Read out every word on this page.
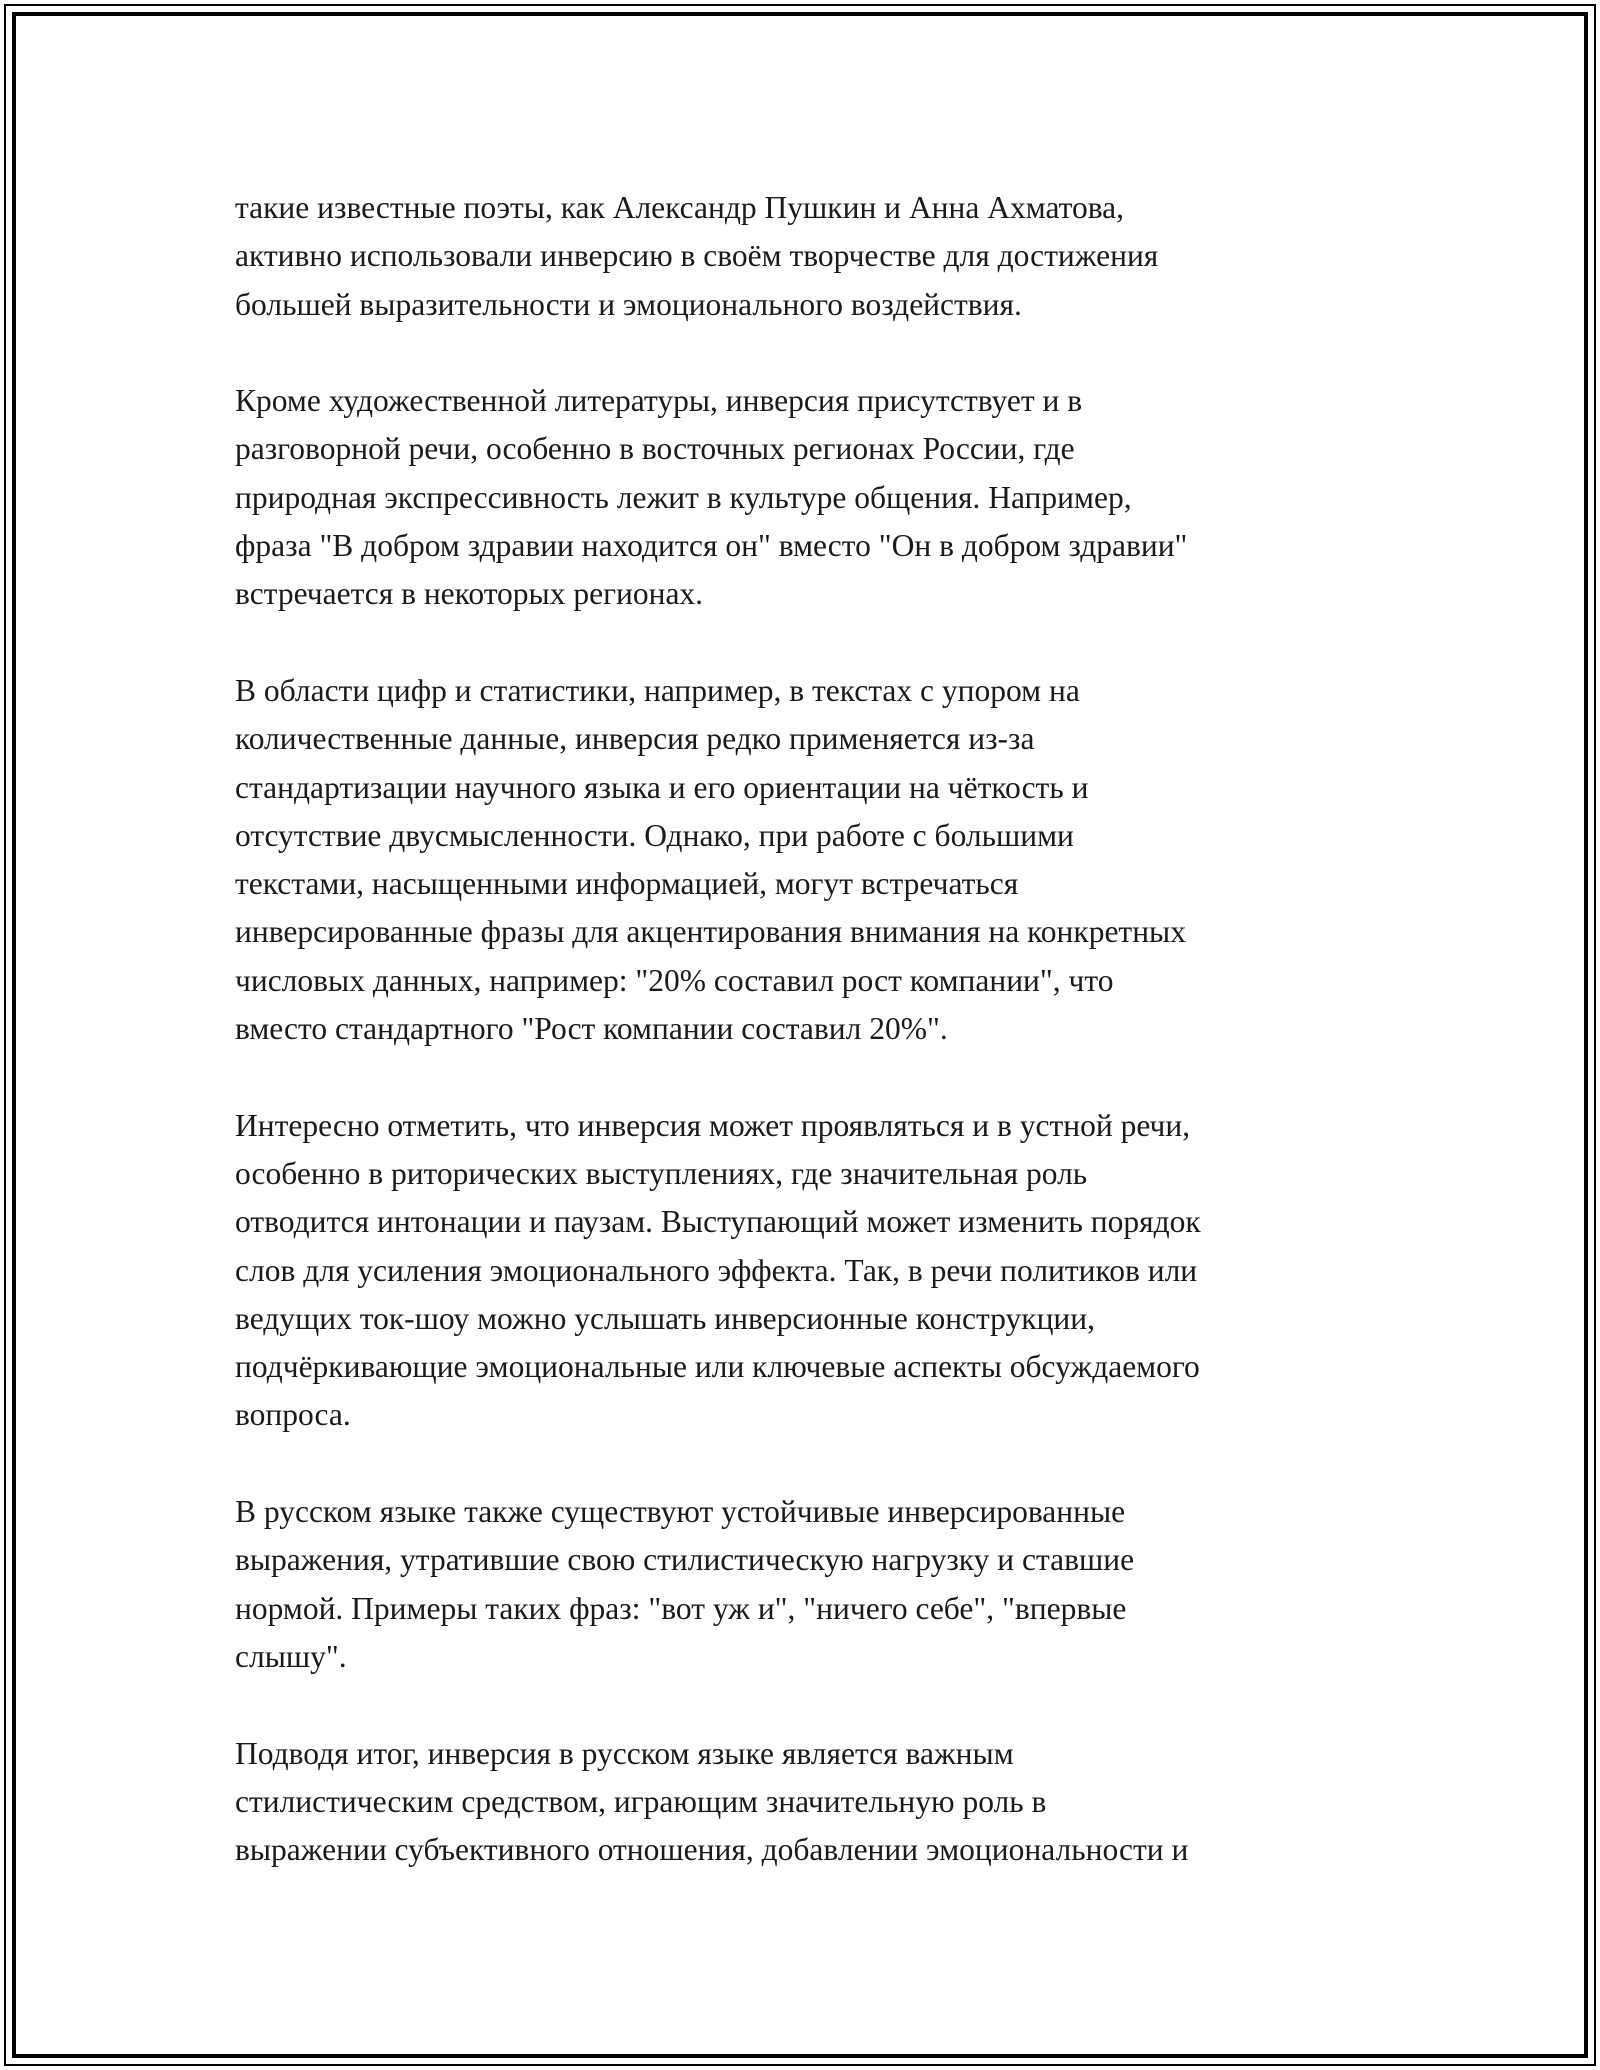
такие известные поэты, как Александр Пушкин и Анна Ахматова,
активно использовали инверсию в своём творчестве для достижения
большей выразительности и эмоционального воздействия.

Кроме художественной литературы, инверсия присутствует и в
разговорной речи, особенно в восточных регионах России, где
природная экспрессивность лежит в культуре общения. Например,
фраза "В добром здравии находится он" вместо "Он в добром здравии"
встречается в некоторых регионах.

В области цифр и статистики, например, в текстах с упором на
количественные данные, инверсия редко применяется из-за
стандартизации научного языка и его ориентации на чёткость и
отсутствие двусмысленности. Однако, при работе с большими
текстами, насыщенными информацией, могут встречаться
инверсированные фразы для акцентирования внимания на конкретных
числовых данных, например: "20% составил рост компании", что
вместо стандартного "Рост компании составил 20%".

Интересно отметить, что инверсия может проявляться и в устной речи,
особенно в риторических выступлениях, где значительная роль
отводится интонации и паузам. Выступающий может изменить порядок
слов для усиления эмоционального эффекта. Так, в речи политиков или
ведущих ток-шоу можно услышать инверсионные конструкции,
подчёркивающие эмоциональные или ключевые аспекты обсуждаемого
вопроса.

В русском языке также существуют устойчивые инверсированные
выражения, утратившие свою стилистическую нагрузку и ставшие
нормой. Примеры таких фраз: "вот уж и", "ничего себе", "впервые
слышу".

Подводя итог, инверсия в русском языке является важным
стилистическим средством, играющим значительную роль в
выражении субъективного отношения, добавлении эмоциональности и
